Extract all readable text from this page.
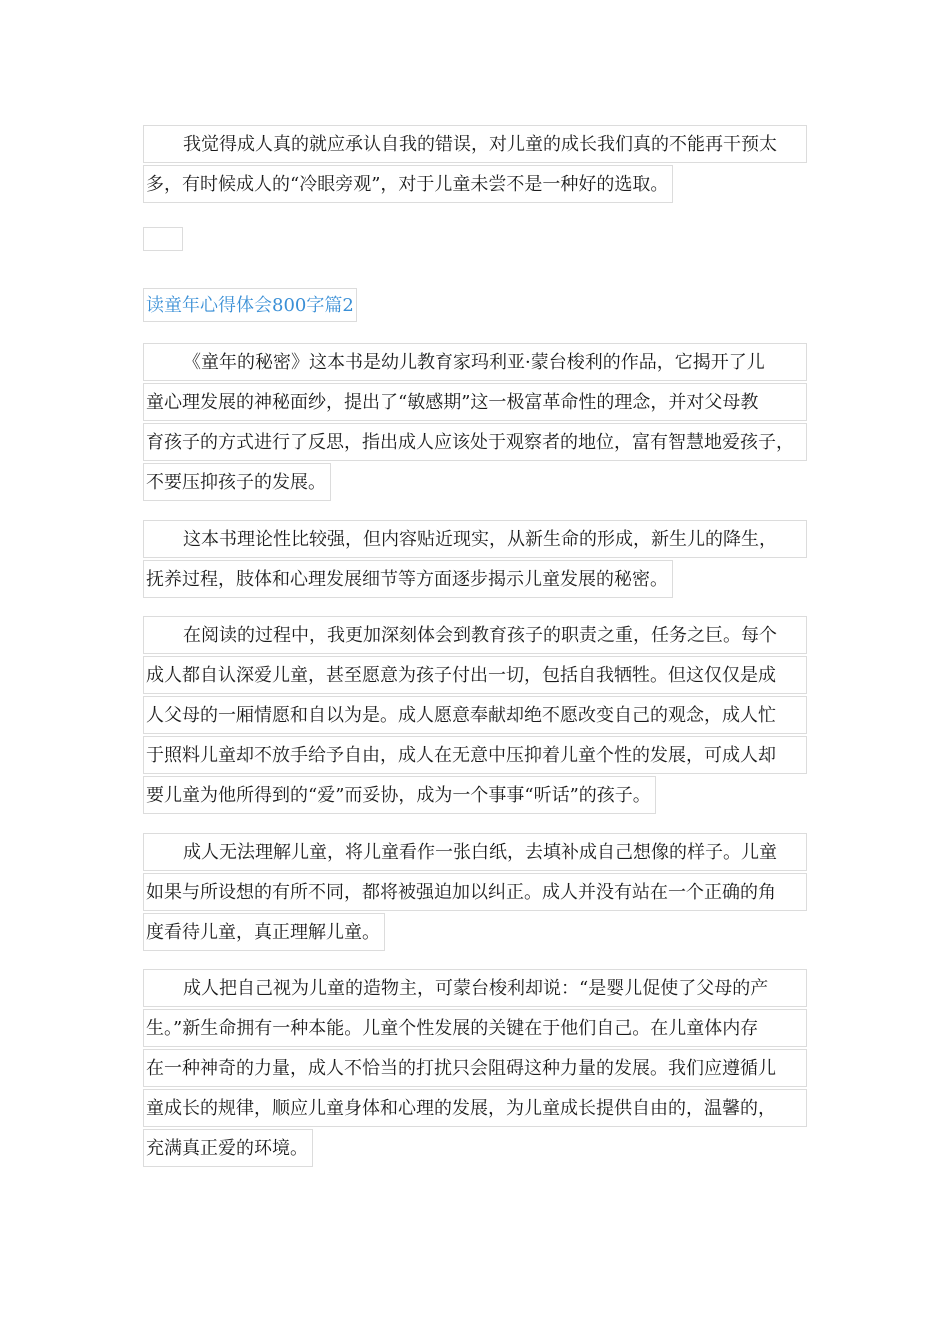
我觉得成人真的就应承认自我的错误，对儿童的成长我们真的不能再干预太
多，有时候成人的“冷眼旁观”，对于儿童未尝不是一种好的选取。
读童年心得体会800字篇2
《童年的秘密》这本书是幼儿教育家玛利亚·蒙台梭利的作品，它揭开了儿
童心理发展的神秘面纱，提出了“敏感期”这一极富革命性的理念，并对父母教
育孩子的方式进行了反思，指出成人应该处于观察者的地位，富有智慧地爱孩子，
不要压抑孩子的发展。
这本书理论性比较强，但内容贴近现实，从新生命的形成，新生儿的降生，
抚养过程，肢体和心理发展细节等方面逐步揭示儿童发展的秘密。
在阅读的过程中，我更加深刻体会到教育孩子的职责之重，任务之巨。每个
成人都自认深爱儿童，甚至愿意为孩子付出一切，包括自我牺牲。但这仅仅是成
人父母的一厢情愿和自以为是。成人愿意奉献却绝不愿改变自己的观念，成人忙
于照料儿童却不放手给予自由，成人在无意中压抑着儿童个性的发展，可成人却
要儿童为他所得到的“爱”而妥协，成为一个事事“听话”的孩子。
成人无法理解儿童，将儿童看作一张白纸，去填补成自己想像的样子。儿童
如果与所设想的有所不同，都将被强迫加以纠正。成人并没有站在一个正确的角
度看待儿童，真正理解儿童。
成人把自己视为儿童的造物主，可蒙台梭利却说：“是婴儿促使了父母的产
生。”新生命拥有一种本能。儿童个性发展的关键在于他们自己。在儿童体内存
在一种神奇的力量，成人不恰当的打扰只会阻碍这种力量的发展。我们应遵循儿
童成长的规律，顺应儿童身体和心理的发展，为儿童成长提供自由的，温馨的，
充满真正爱的环境。
